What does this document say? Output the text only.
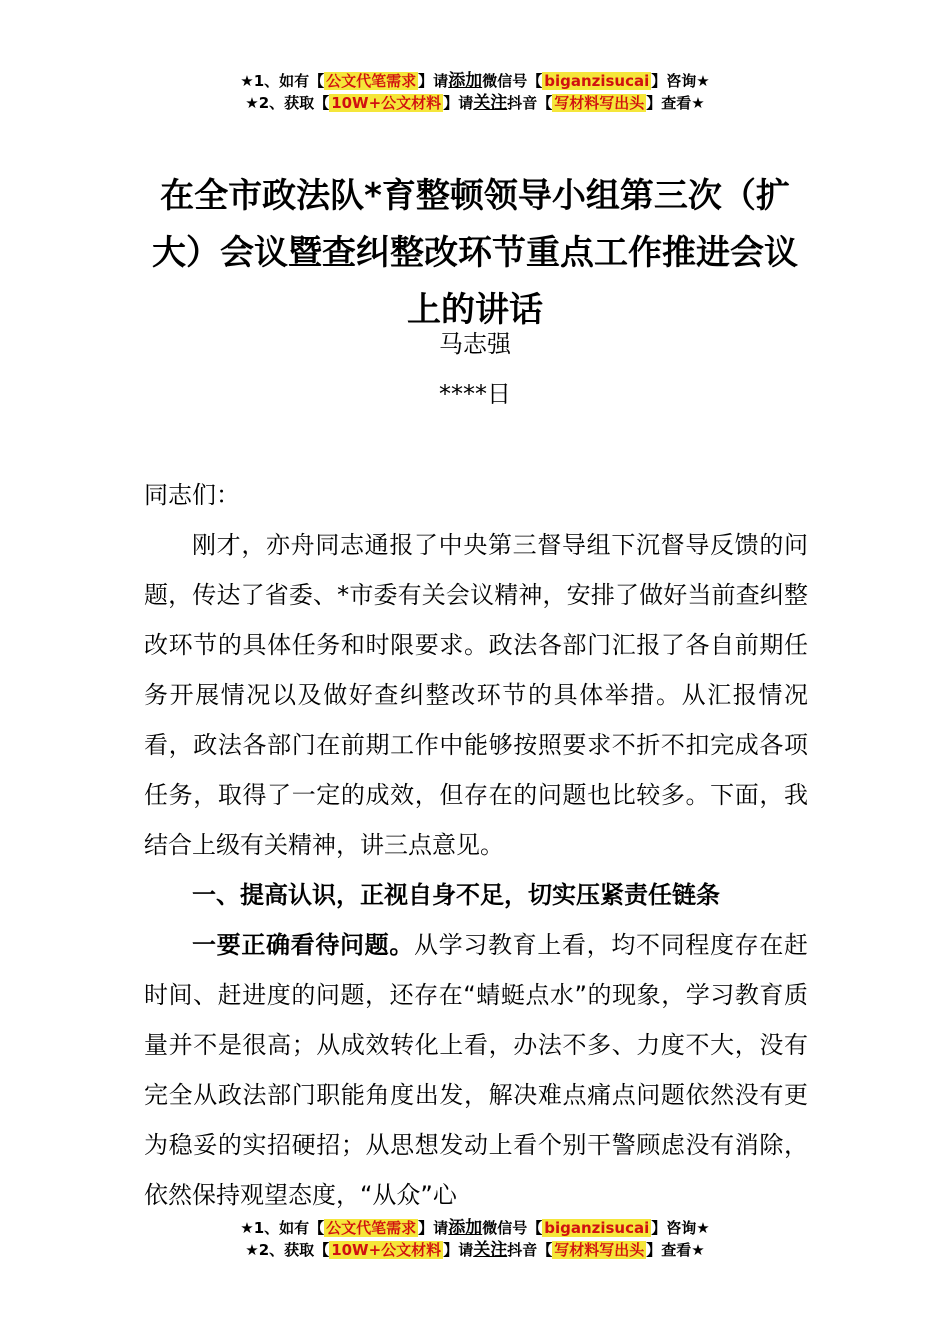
★1、如有【 公文代笔需求 】请添加微信号【 biganzisucai 】咨询★
★2、获取【 10W+公文材料 】请关注抖音【 写材料写出头 】查看★
在全市政法队*育整顿领导小组第三次（扩大）会议暨查纠整改环节重点工作推进会议上的讲话
马志强
****日

同志们：

刚才，亦舟同志通报了中央第三督导组下沉督导反馈的问题，传达了省委、*市委有关会议精神，安排了做好当前查纠整改环节的具体任务和时限要求。政法各部门汇报了各自前期任务开展情况以及做好查纠整改环节的具体举措。从汇报情况看，政法各部门在前期工作中能够按照要求不折不扣完成各项任务，取得了一定的成效，但存在的问题也比较多。下面，我结合上级有关精神，讲三点意见。

一、提高认识，正视自身不足，切实压紧责任链条

一要正确看待问题。从学习教育上看，均不同程度存在赶时间、赶进度的问题，还存在“蜻蜓点水”的现象，学习教育质量并不是很高；从成效转化上看，办法不多、力度不大，没有完全从政法部门职能角度出发，解决难点痛点问题依然没有更为稳妥的实招硬招；从思想发动上看个别干警顾虑没有消除，依然保持观望态度，“从众”心

★1、如有【 公文代笔需求 】请添加微信号【 biganzisucai 】咨询★
★2、获取【 10W+公文材料 】请关注抖音【 写材料写出头 】查看★
